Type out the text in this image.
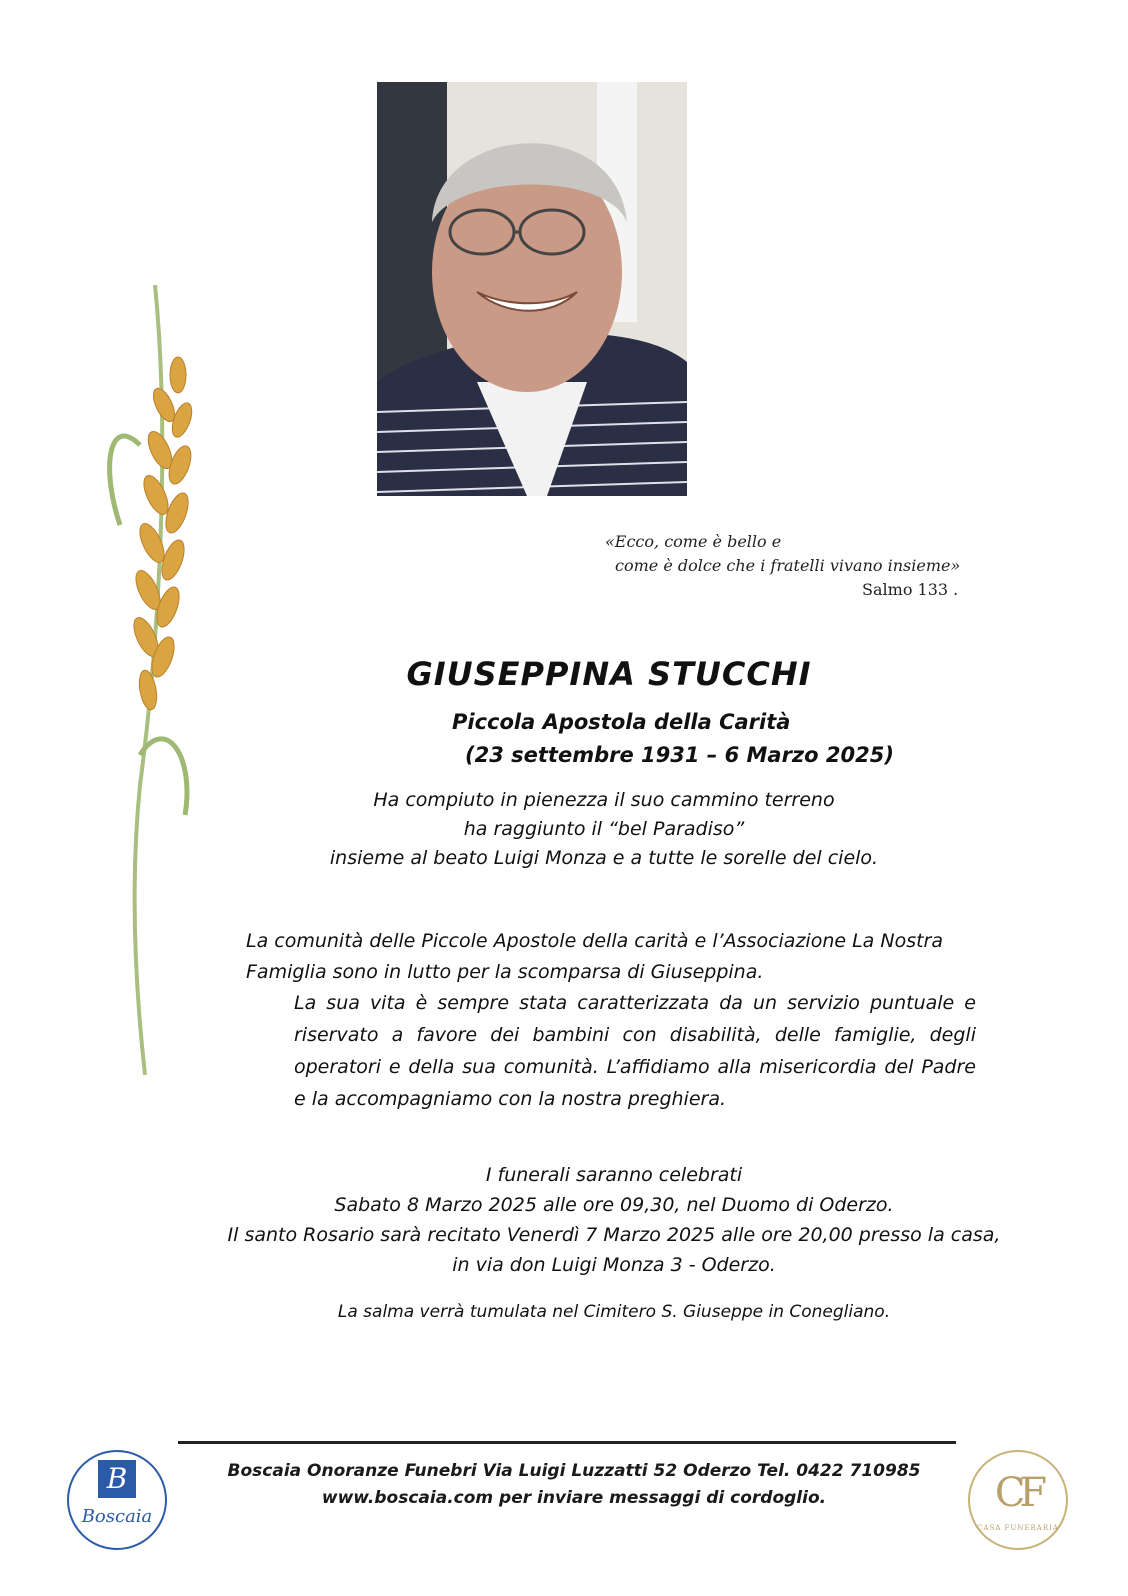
«Ecco, come è bello e
come è dolce che i fratelli vivano insieme»
Salmo 133 .
GIUSEPPINA STUCCHI
Piccola Apostola della Carità
(23 settembre 1931 – 6 Marzo 2025)
Ha compiuto in pienezza il suo cammino terreno
ha raggiunto il “bel Paradiso”
insieme al beato Luigi Monza e a tutte le sorelle del cielo.
La comunità delle Piccole Apostole della carità e l’Associazione La Nostra Famiglia sono in lutto per la scomparsa di Giuseppina.
La sua vita è sempre stata caratterizzata da un servizio puntuale e riservato a favore dei bambini con disabilità, delle famiglie, degli operatori e della sua comunità. L’affidiamo alla misericordia del Padre e la accompagniamo con la nostra preghiera.
I funerali saranno celebrati
Sabato 8 Marzo 2025 alle ore 09,30, nel Duomo di Oderzo.
Il santo Rosario sarà recitato Venerdì 7 Marzo 2025 alle ore 20,00 presso la casa,
in via don Luigi Monza 3 - Oderzo.
La salma verrà tumulata nel Cimitero S. Giuseppe in Conegliano.
B
Boscaia
Boscaia Onoranze Funebri Via Luigi Luzzatti 52 Oderzo Tel. 0422 710985
www.boscaia.com per inviare messaggi di cordoglio.	CF
CASA FUNERARIA
